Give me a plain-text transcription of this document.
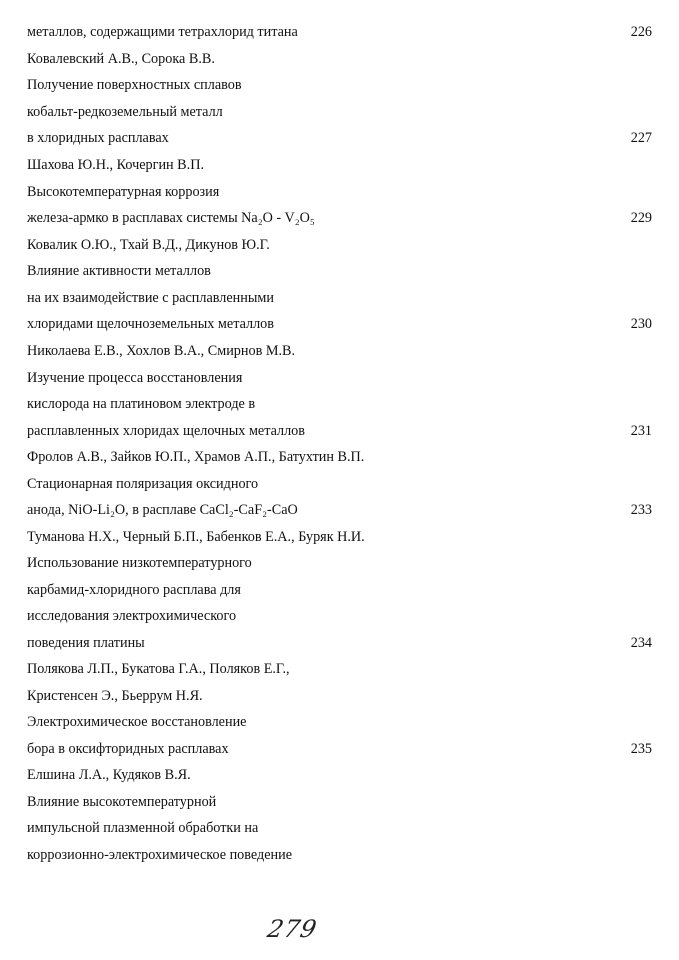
металлов, содержащими тетрахлорид титана
Ковалевский А.В., Сорока В.В.
Получение поверхностных сплавов
кобальт-редкоземельный металл
в хлоридных расплавах
Шахова Ю.Н., Кочергин В.П.
Высокотемпературная коррозия
железа-армко в расплавах системы Na₂O - V₂O₅
Ковалик О.Ю., Тхай В.Д., Дикунов Ю.Г.
Влияние активности металлов
на их взаимодействие с расплавленными
хлоридами щелочноземельных металлов
Николаева Е.В., Хохлов В.А., Смирнов М.В.
Изучение процесса восстановления
кислорода на платиновом электроде в
расплавленных хлоридах щелочных металлов
Фролов А.В., Зайков Ю.П., Храмов А.П., Батухтин В.П.
Стационарная поляризация оксидного
анода, NiO-Li₂O, в расплаве CaCl₂-CaF₂-CaO
Туманова Н.Х., Черный Б.П., Бабенков Е.А., Буряк Н.И.
Использование низкотемпературного
карбамид-хлоридного расплава для
исследования электрохимического
поведения платины
Полякова Л.П., Букатова Г.А., Поляков Е.Г.,
Кристенсен Э., Бьеррум Н.Я.
Электрохимическое восстановление
бора в оксифторидных расплавах
Елшина Л.А., Кудяков В.Я.
Влияние высокотемпературной
импульсной плазменной обработки на
коррозионно-электрохимическое поведение
226
227
229
230
231
233
234
235
279
